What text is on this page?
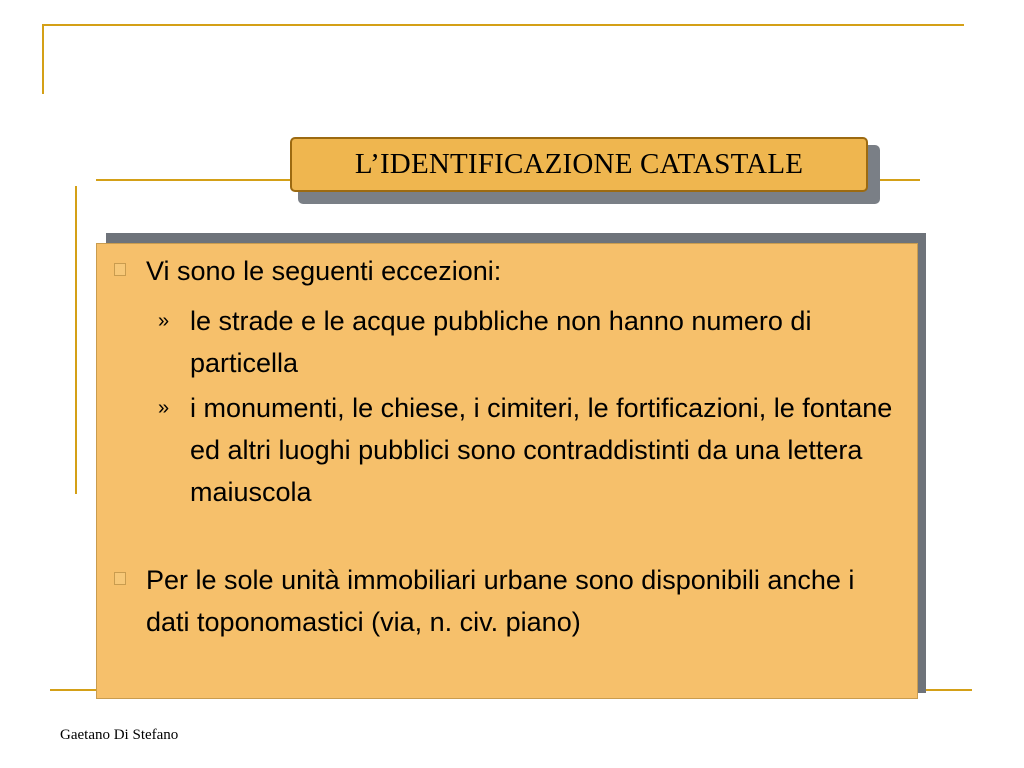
L’IDENTIFICAZIONE CATASTALE
Vi sono le seguenti eccezioni:
» le strade e le acque pubbliche non hanno numero di particella
» i monumenti, le chiese, i cimiteri, le fortificazioni, le fontane ed altri luoghi pubblici sono contraddistinti da una lettera maiuscola
Per le sole unità immobiliari urbane sono disponibili anche i dati toponomastici (via, n. civ. piano)
Gaetano Di Stefano
